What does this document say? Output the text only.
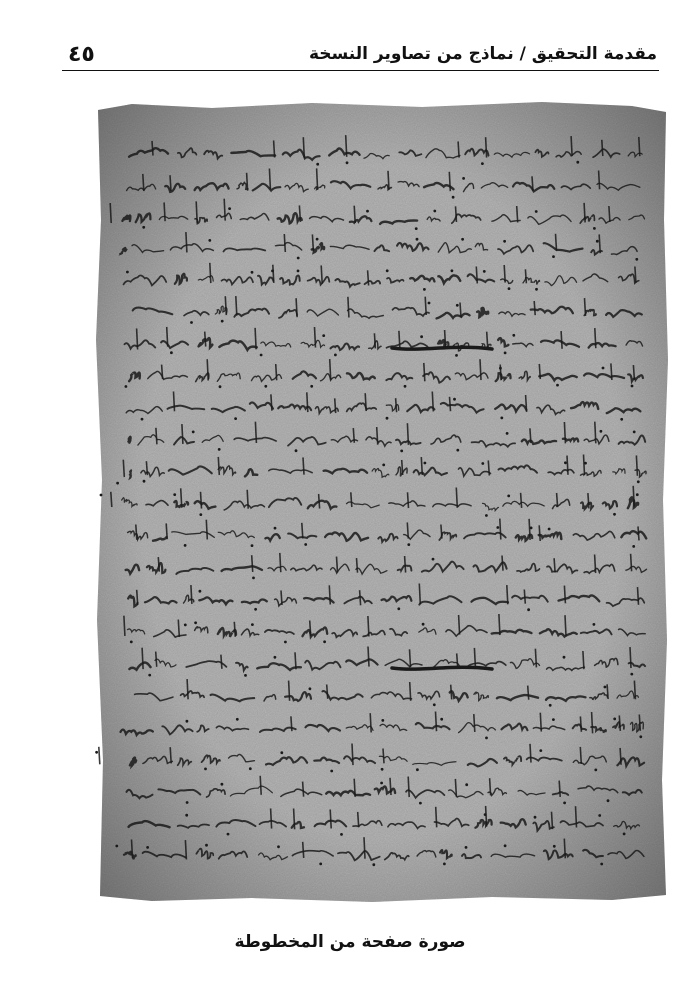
٤٥	مقدمة التحقيق / نماذج من تصاوير النسخة
صورة صفحة من المخطوطة
